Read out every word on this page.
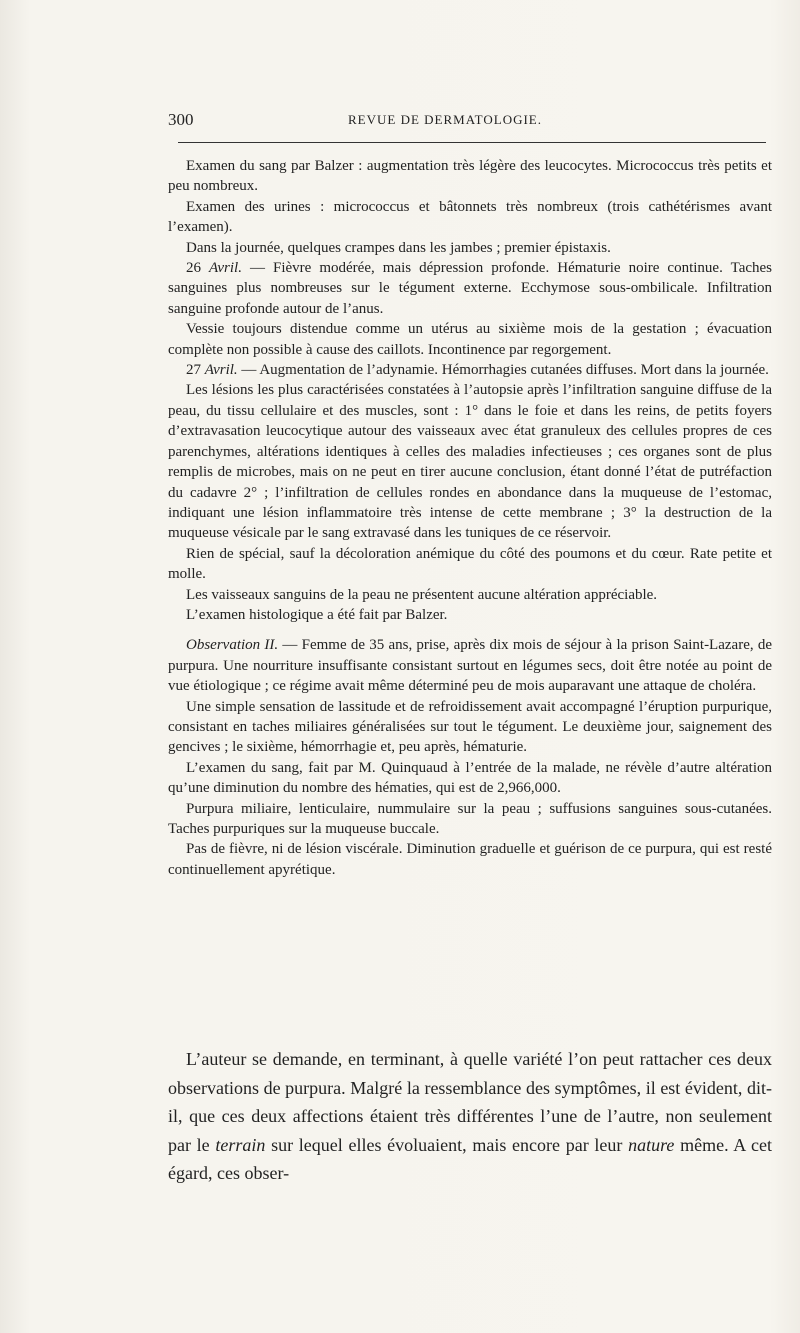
300	REVUE DE DERMATOLOGIE.

Examen du sang par Balzer : augmentation très légère des leucocytes. Micrococcus très petits et peu nombreux.

Examen des urines : micrococcus et bâtonnets très nombreux (trois cathétérismes avant l’examen).

Dans la journée, quelques crampes dans les jambes ; premier épistaxis.

26 Avril. — Fièvre modérée, mais dépression profonde. Hématurie noire continue. Taches sanguines plus nombreuses sur le tégument externe. Ecchymose sous-ombilicale. Infiltration sanguine profonde autour de l’anus.

Vessie toujours distendue comme un utérus au sixième mois de la gestation ; évacuation complète non possible à cause des caillots. Incontinence par regorgement.

27 Avril. — Augmentation de l’adynamie. Hémorrhagies cutanées diffuses. Mort dans la journée.

Les lésions les plus caractérisées constatées à l’autopsie après l’infiltration sanguine diffuse de la peau, du tissu cellulaire et des muscles, sont : 1° dans le foie et dans les reins, de petits foyers d’extravasation leucocytique autour des vaisseaux avec état granuleux des cellules propres de ces parenchymes, altérations identiques à celles des maladies infectieuses ; ces organes sont de plus remplis de microbes, mais on ne peut en tirer aucune conclusion, étant donné l’état de putréfaction du cadavre 2° ; l’infiltration de cellules rondes en abondance dans la muqueuse de l’estomac, indiquant une lésion inflammatoire très intense de cette membrane ; 3° la destruction de la muqueuse vésicale par le sang extravasé dans les tuniques de ce réservoir.

Rien de spécial, sauf la décoloration anémique du côté des poumons et du cœur. Rate petite et molle.

Les vaisseaux sanguins de la peau ne présentent aucune altération appréciable.

L’examen histologique a été fait par Balzer.

Observation II. — Femme de 35 ans, prise, après dix mois de séjour à la prison Saint-Lazare, de purpura. Une nourriture insuffisante consistant surtout en légumes secs, doit être notée au point de vue étiologique ; ce régime avait même déterminé peu de mois auparavant une attaque de choléra.

Une simple sensation de lassitude et de refroidissement avait accompagné l’éruption purpurique, consistant en taches miliaires généralisées sur tout le tégument. Le deuxième jour, saignement des gencives ; le sixième, hémorrhagie et, peu après, hématurie.

L’examen du sang, fait par M. Quinquaud à l’entrée de la malade, ne révèle d’autre altération qu’une diminution du nombre des hématies, qui est de 2,966,000.

Purpura miliaire, lenticulaire, nummulaire sur la peau ; suffusions sanguines sous-cutanées. Taches purpuriques sur la muqueuse buccale.

Pas de fièvre, ni de lésion viscérale. Diminution graduelle et guérison de ce purpura, qui est resté continuellement apyrétique.

L’auteur se demande, en terminant, à quelle variété l’on peut rattacher ces deux observations de purpura. Malgré la ressemblance des symptômes, il est évident, dit-il, que ces deux affections étaient très différentes l’une de l’autre, non seulement par le terrain sur lequel elles évoluaient, mais encore par leur nature même. A cet égard, ces obser-
